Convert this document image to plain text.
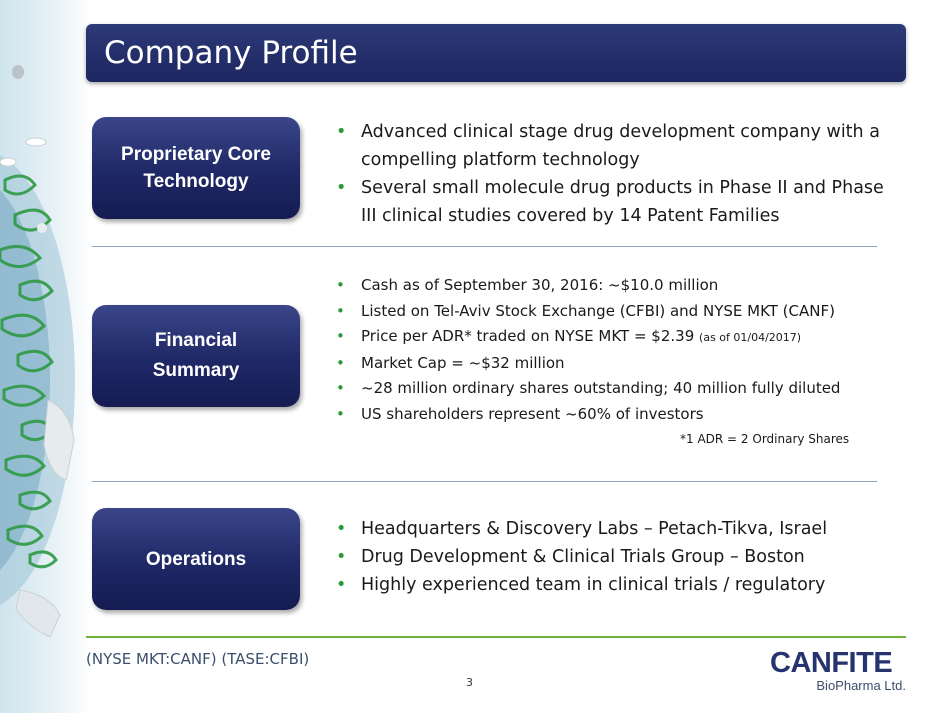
Company Profile
Proprietary Core
Technology
• Advanced clinical stage drug development company with a compelling platform technology
• Several small molecule drug products in Phase II and Phase III clinical studies covered by 14 Patent Families
Financial
Summary
• Cash as of September 30, 2016: ~$10.0 million
• Listed on Tel-Aviv Stock Exchange (CFBI) and NYSE MKT (CANF)
• Price per ADR* traded on NYSE MKT = $2.39 (as of 01/04/2017)
• Market Cap = ~$32 million
• ~28 million ordinary shares outstanding; 40 million fully diluted
• US shareholders represent ~60% of investors
*1 ADR = 2 Ordinary Shares
Operations
• Headquarters & Discovery Labs – Petach-Tikva, Israel
• Drug Development & Clinical Trials Group – Boston
• Highly experienced team in clinical trials / regulatory
(NYSE MKT:CANF) (TASE:CFBI)
3
CANFITE
BioPharma Ltd.
